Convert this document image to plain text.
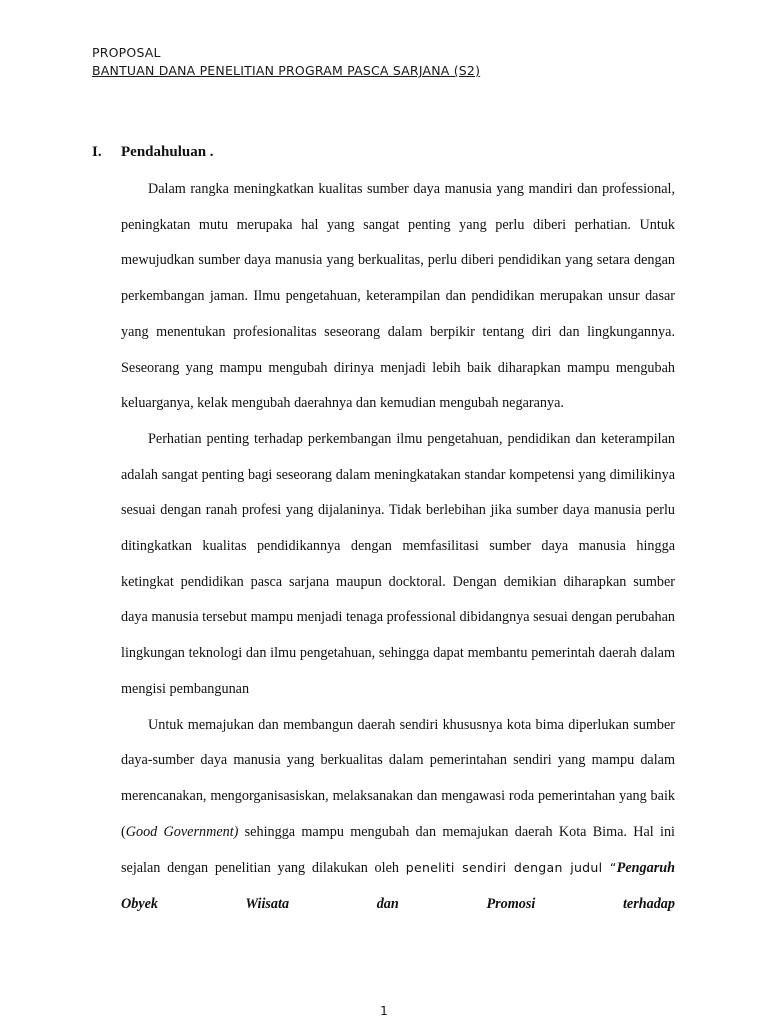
PROPOSAL
BANTUAN DANA PENELITIAN PROGRAM PASCA SARJANA (S2)
I. Pendahuluan .

Dalam rangka meningkatkan kualitas sumber daya manusia yang mandiri dan professional, peningkatan mutu merupaka hal yang sangat penting yang perlu diberi perhatian. Untuk mewujudkan sumber daya manusia yang berkualitas, perlu diberi pendidikan yang setara dengan perkembangan jaman. Ilmu pengetahuan, keterampilan dan pendidikan merupakan unsur dasar yang menentukan profesionalitas seseorang dalam berpikir tentang diri dan lingkungannya. Seseorang yang mampu mengubah dirinya menjadi lebih baik diharapkan mampu mengubah keluarganya, kelak mengubah daerahnya dan kemudian mengubah negaranya.

Perhatian penting terhadap perkembangan ilmu pengetahuan, pendidikan dan keterampilan adalah sangat penting bagi seseorang dalam meningkatakan standar kompetensi yang dimilikinya sesuai dengan ranah profesi yang dijalaninya. Tidak berlebihan jika sumber daya manusia perlu ditingkatkan kualitas pendidikannya dengan memfasilitasi sumber daya manusia hingga ketingkat pendidikan pasca sarjana maupun docktoral. Dengan demikian diharapkan sumber daya manusia tersebut mampu menjadi tenaga professional dibidangnya sesuai dengan perubahan lingkungan teknologi dan ilmu pengetahuan, sehingga dapat membantu pemerintah daerah dalam mengisi pembangunan

Untuk memajukan dan membangun daerah sendiri khususnya kota bima diperlukan sumber daya-sumber daya manusia yang berkualitas dalam pemerintahan sendiri yang mampu dalam merencanakan, mengorganisasiskan, melaksanakan dan mengawasi roda pemerintahan yang baik (Good Government) sehingga mampu mengubah dan memajukan daerah Kota Bima. Hal ini sejalan dengan penelitian yang dilakukan oleh peneliti sendiri dengan judul “Pengaruh Obyek Wiisata dan Promosi terhadap

1
